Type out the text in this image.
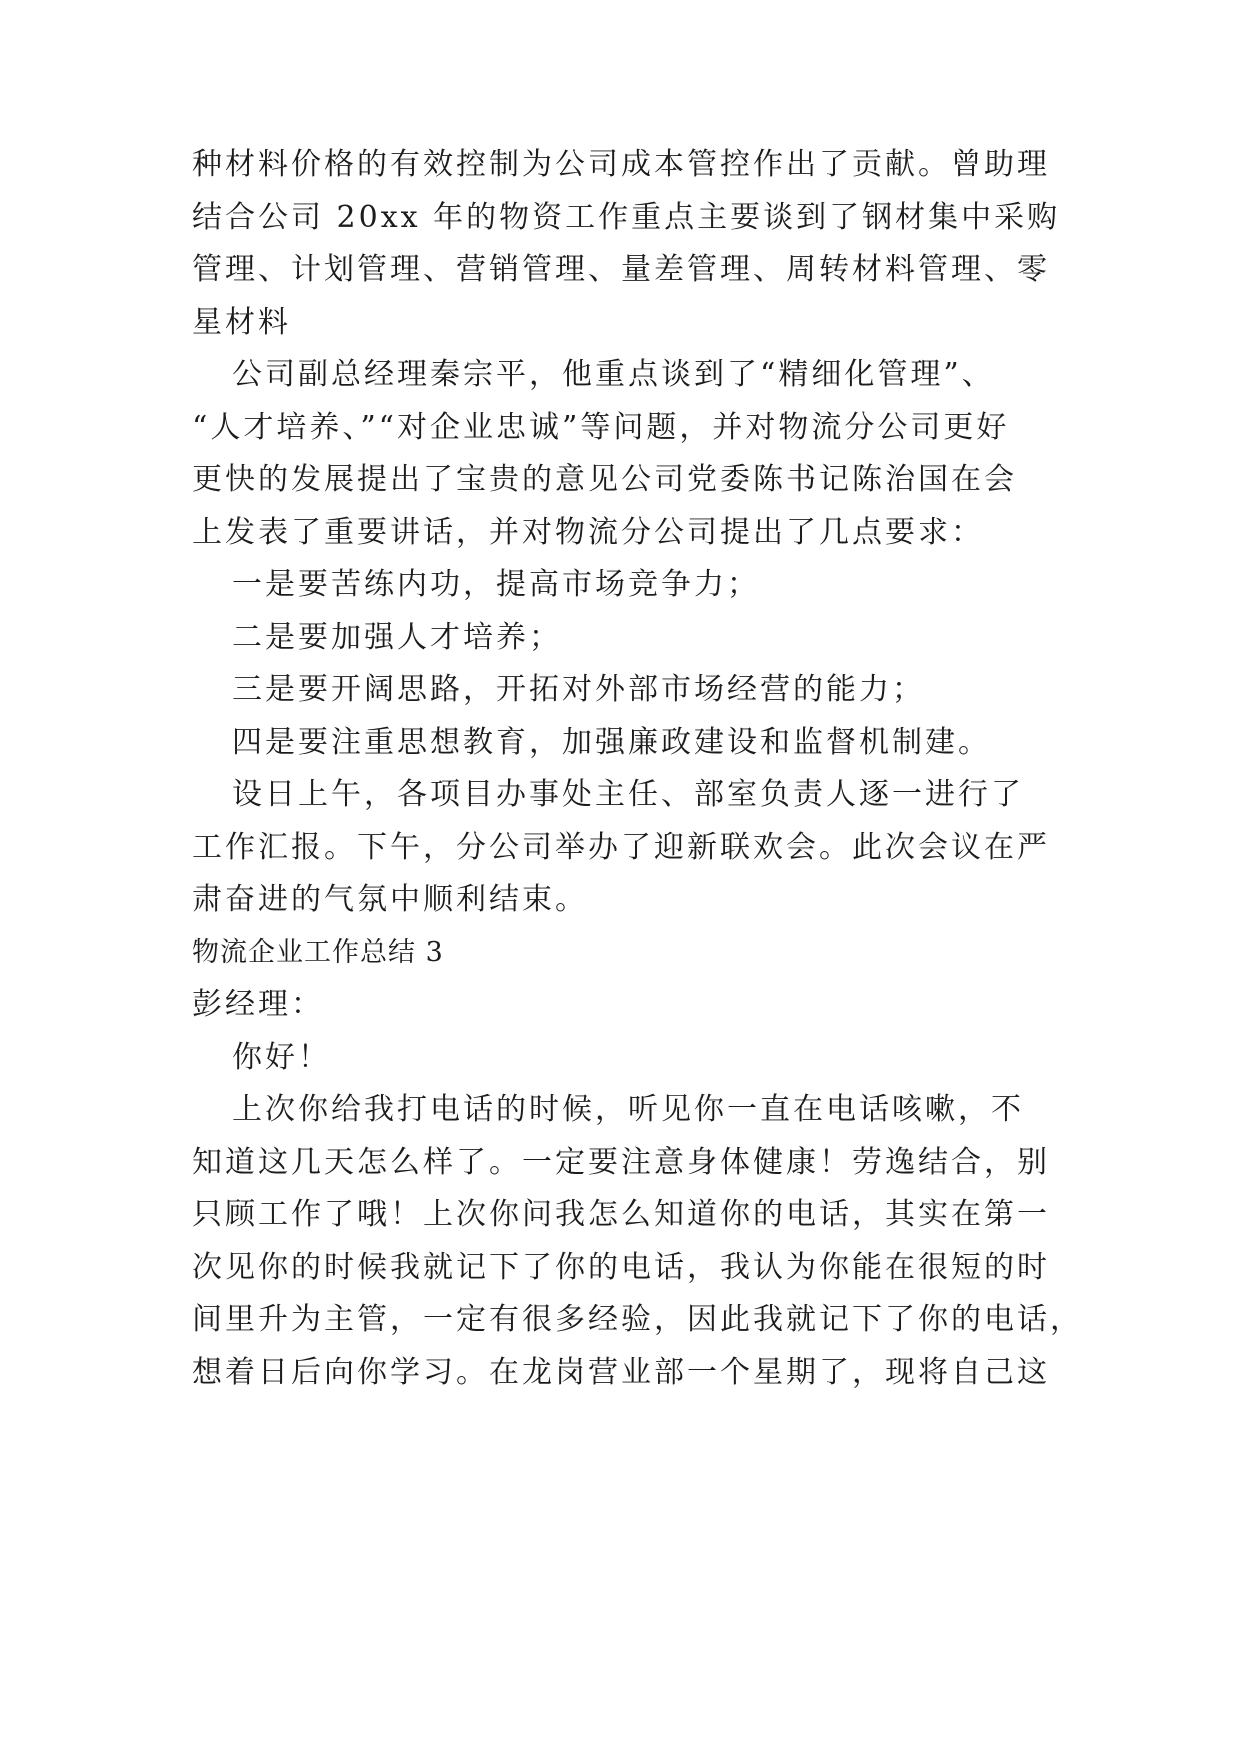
种材料价格的有效控制为公司成本管控作出了贡献。曾助理
结合公司 20xx 年的物资工作重点主要谈到了钢材集中采购
管理、计划管理、营销管理、量差管理、周转材料管理、零
星材料
公司副总经理秦宗平，他重点谈到了“精细化管理”、
“人才培养、”“对企业忠诚”等问题，并对物流分公司更好
更快的发展提出了宝贵的意见公司党委陈书记陈治国在会
上发表了重要讲话，并对物流分公司提出了几点要求：
一是要苦练内功，提高市场竞争力；
二是要加强人才培养；
三是要开阔思路，开拓对外部市场经营的能力；
四是要注重思想教育，加强廉政建设和监督机制建。
设日上午，各项目办事处主任、部室负责人逐一进行了
工作汇报。下午，分公司举办了迎新联欢会。此次会议在严
肃奋进的气氛中顺利结束。
物流企业工作总结 3
彭经理：
你好！
上次你给我打电话的时候，听见你一直在电话咳嗽，不
知道这几天怎么样了。一定要注意身体健康！劳逸结合，别
只顾工作了哦！上次你问我怎么知道你的电话，其实在第一
次见你的时候我就记下了你的电话，我认为你能在很短的时
间里升为主管，一定有很多经验，因此我就记下了你的电话，
想着日后向你学习。在龙岗营业部一个星期了，现将自己这
